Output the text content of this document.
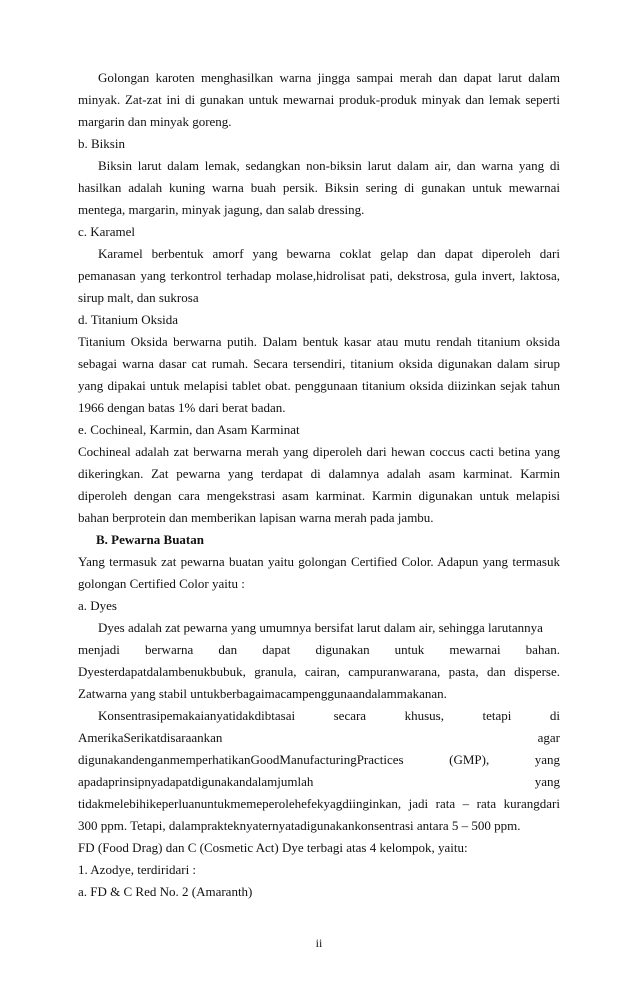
Golongan karoten menghasilkan warna jingga sampai merah dan dapat larut dalam minyak. Zat-zat ini di gunakan untuk mewarnai produk-produk minyak dan lemak seperti margarin dan minyak goreng.

b. Biksin

Biksin larut dalam lemak, sedangkan non-biksin larut dalam air, dan warna yang di hasilkan adalah kuning warna buah persik. Biksin sering di gunakan untuk mewarnai mentega, margarin, minyak jagung, dan salab dressing.

c. Karamel

Karamel berbentuk amorf yang bewarna coklat gelap dan dapat diperoleh dari pemanasan yang terkontrol terhadap molase,hidrolisat pati, dekstrosa, gula invert, laktosa, sirup malt, dan sukrosa

d. Titanium Oksida

Titanium Oksida berwarna putih. Dalam bentuk kasar atau mutu rendah titanium oksida sebagai warna dasar cat rumah. Secara tersendiri, titanium oksida digunakan dalam sirup yang dipakai untuk melapisi tablet obat. penggunaan titanium oksida diizinkan sejak tahun 1966 dengan batas 1% dari berat badan.

e. Cochineal, Karmin, dan Asam Karminat

Cochineal adalah zat berwarna merah yang diperoleh dari hewan coccus cacti betina yang dikeringkan. Zat pewarna yang terdapat di dalamnya adalah asam karminat. Karmin diperoleh dengan cara mengekstrasi asam karminat. Karmin digunakan untuk melapisi bahan berprotein dan memberikan lapisan warna merah pada jambu.

B. Pewarna Buatan

Yang termasuk zat pewarna buatan yaitu golongan Certified Color. Adapun yang termasuk golongan Certified Color yaitu :

a. Dyes

Dyes adalah zat pewarna yang umumnya bersifat larut dalam air, sehingga larutannya

menjadi berwarna dan dapat digunakan untuk mewarnai bahan.

Dyesterdapatdalambenukbubuk, granula, cairan, campuranwarana, pasta, dan disperse. Zatwarna yang stabil untukberbagaimacampenggunaandalammakanan.

Konsentrasipemakaianyatidakdibtasai	secara	khusus,	tetapi	di
AmerikaSerikatdisaraankan	agar
digunakandenganmemperhatikanGoodManufacturingPractices	(GMP),	yang
apadaprinsipnyadapatdigunakandalamjumlah	yang

tidakmelebihikeperluanuntukmemeperolehefekyagdiinginkan, jadi rata – rata kurangdari 300 ppm. Tetapi, dalamprakteknyaternyatadigunakankonsentrasi antara 5 – 500 ppm.

FD (Food Drag) dan C (Cosmetic Act) Dye terbagi atas 4 kelompok, yaitu:

1. Azodye, terdiridari :

a. FD & C Red No. 2 (Amaranth)

ii
